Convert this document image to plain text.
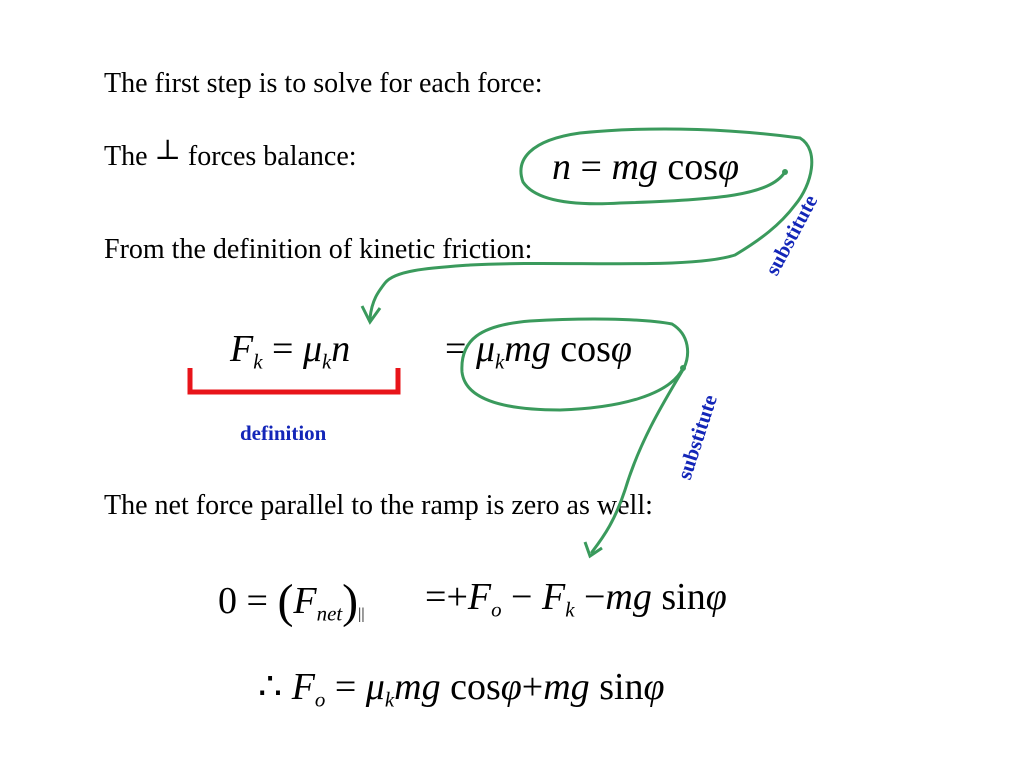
The first step is to solve for each force:
The ⊥ forces balance:
From the definition of kinetic friction:
The net force parallel to the ramp is zero as well:
n = mg cosφ
$F_k = \mu_kn = \mu_kmg$ cosφ
$0 = (F_{net})_{||} =+F_o - F_k -mg$ sinφ
∴ $F_o = \mu_kmg$ cosφ+mg sinφ
substitute
substitute
definition
